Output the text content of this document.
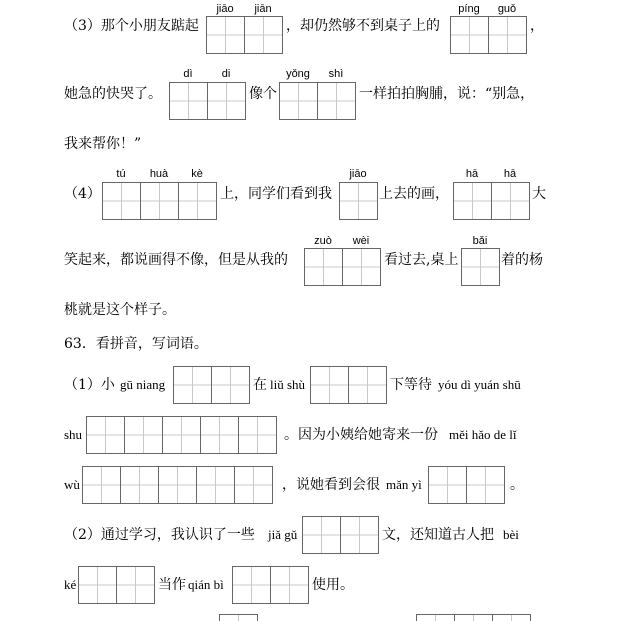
（3）那个小朋友踮起
jiāo	jiān
，却仍然够不到桌子上的
píng	guǒ
，
她急的快哭了。
dì	di
像个
yǒng	shì
一样拍拍胸脯，说：“别急，
我来帮你！”
（4）
tú	huà	kè
上，同学们看到我
jiāo
上去的画，
hā	hā
大
笑起来，都说画得不像，但是从我的
zuò	wèi
看过去,桌上
bǎi
着的杨
桃就是这个样子。
63．看拼音，写词语。
（1）小 gū niang	在 liǔ shù	下等待 yóu dì yuán shū
shu	。因为小姨给她寄来一份 měi hǎo de lǐ
wù	，说她看到会很 mǎn yì	。
（2）通过学习，我认识了一些 jiǎ gǔ	文，还知道古人把 bèi
ké	当作 qián bì	使用。
